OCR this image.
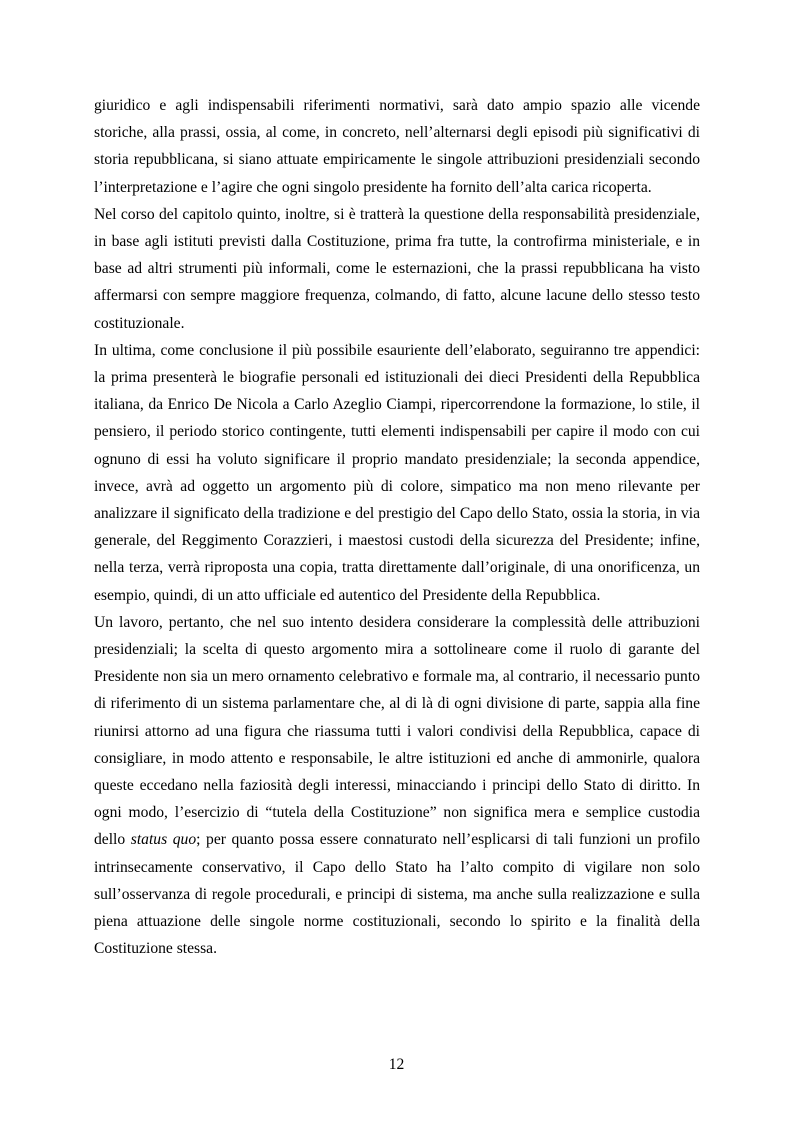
giuridico e agli indispensabili riferimenti normativi, sarà dato ampio spazio alle vicende storiche, alla prassi, ossia, al come, in concreto, nell’alternarsi degli episodi più significativi di storia repubblicana, si siano attuate empiricamente le singole attribuzioni presidenziali secondo l’interpretazione e l’agire che ogni singolo presidente ha fornito dell’alta carica ricoperta.

Nel corso del capitolo quinto, inoltre, si è tratterà la questione della responsabilità presidenziale, in base agli istituti previsti dalla Costituzione, prima fra tutte, la controfirma ministeriale, e in base ad altri strumenti più informali, come le esternazioni, che la prassi repubblicana ha visto affermarsi con sempre maggiore frequenza, colmando, di fatto, alcune lacune dello stesso testo costituzionale.

In ultima, come conclusione il più possibile esauriente dell’elaborato, seguiranno tre appendici: la prima presenterà le biografie personali ed istituzionali dei dieci Presidenti della Repubblica italiana, da Enrico De Nicola a Carlo Azeglio Ciampi, ripercorrendone la formazione, lo stile, il pensiero, il periodo storico contingente, tutti elementi indispensabili per capire il modo con cui ognuno di essi ha voluto significare il proprio mandato presidenziale; la seconda appendice, invece, avrà ad oggetto un argomento più di colore, simpatico ma non meno rilevante per analizzare il significato della tradizione e del prestigio del Capo dello Stato, ossia la storia, in via generale, del Reggimento Corazzieri, i maestosi custodi della sicurezza del Presidente; infine, nella terza, verrà riproposta una copia, tratta direttamente dall’originale, di una onorificenza, un esempio, quindi, di un atto ufficiale ed autentico del Presidente della Repubblica.

Un lavoro, pertanto, che nel suo intento desidera considerare la complessità delle attribuzioni presidenziali; la scelta di questo argomento mira a sottolineare come il ruolo di garante del Presidente non sia un mero ornamento celebrativo e formale ma, al contrario, il necessario punto di riferimento di un sistema parlamentare che, al di là di ogni divisione di parte, sappia alla fine riunirsi attorno ad una figura che riassuma tutti i valori condivisi della Repubblica, capace di consigliare, in modo attento e responsabile, le altre istituzioni ed anche di ammonirle, qualora queste eccedano nella faziosità degli interessi, minacciando i principi dello Stato di diritto. In ogni modo, l’esercizio di “tutela della Costituzione” non significa mera e semplice custodia dello status quo; per quanto possa essere connaturato nell’esplicarsi di tali funzioni un profilo intrinsecamente conservativo, il Capo dello Stato ha l’alto compito di vigilare non solo sull’osservanza di regole procedurali, e principi di sistema, ma anche sulla realizzazione e sulla piena attuazione delle singole norme costituzionali, secondo lo spirito e la finalità della Costituzione stessa.

12
